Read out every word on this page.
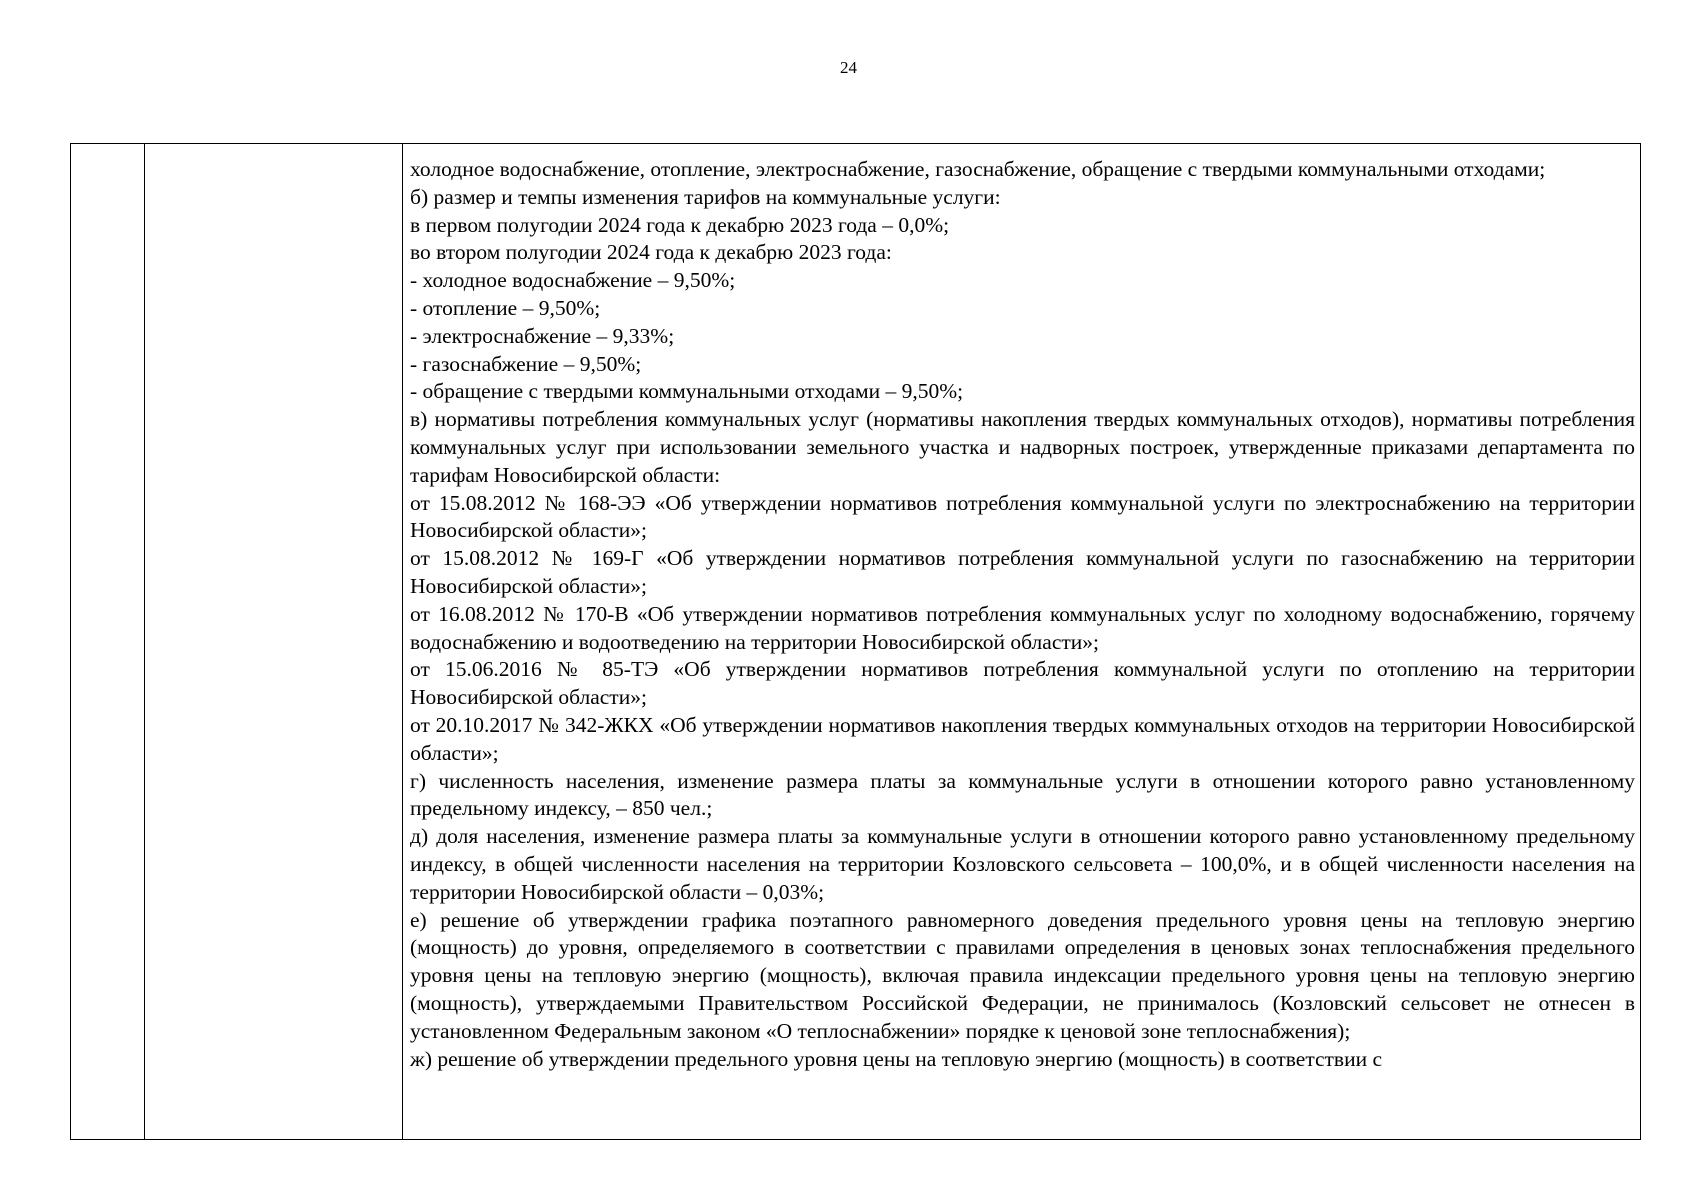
24

холодное водоснабжение, отопление, электроснабжение, газоснабжение, обращение с твердыми коммунальными отходами;

б) размер и темпы изменения тарифов на коммунальные услуги:

в первом полугодии 2024 года к декабрю 2023 года – 0,0%;

во втором полугодии 2024 года к декабрю 2023 года:

- холодное водоснабжение – 9,50%;

- отопление – 9,50%;

- электроснабжение – 9,33%;

- газоснабжение – 9,50%;

- обращение с твердыми коммунальными отходами – 9,50%;

в) нормативы потребления коммунальных услуг (нормативы накопления твердых коммунальных отходов), нормативы потребления коммунальных услуг при использовании земельного участка и надворных построек, утвержденные приказами департамента по тарифам Новосибирской области:

от 15.08.2012 № 168-ЭЭ «Об утверждении нормативов потребления коммунальной услуги по электроснабжению на территории Новосибирской области»;

от 15.08.2012 № 169-Г «Об утверждении нормативов потребления коммунальной услуги по газоснабжению на территории Новосибирской области»;

от 16.08.2012 № 170-В «Об утверждении нормативов потребления коммунальных услуг по холодному водоснабжению, горячему водоснабжению и водоотведению на территории Новосибирской области»;

от 15.06.2016 № 85-ТЭ «Об утверждении нормативов потребления коммунальной услуги по отоплению на территории Новосибирской области»;

от 20.10.2017 № 342-ЖКХ «Об утверждении нормативов накопления твердых коммунальных отходов на территории Новосибирской области»;

г) численность населения, изменение размера платы за коммунальные услуги в отношении которого равно установленному предельному индексу, – 850 чел.;

д) доля населения, изменение размера платы за коммунальные услуги в отношении которого равно установленному предельному индексу, в общей численности населения на территории Козловского сельсовета – 100,0%, и в общей численности населения на территории Новосибирской области – 0,03%;

е) решение об утверждении графика поэтапного равномерного доведения предельного уровня цены на тепловую энергию (мощность) до уровня, определяемого в соответствии с правилами определения в ценовых зонах теплоснабжения предельного уровня цены на тепловую энергию (мощность), включая правила индексации предельного уровня цены на тепловую энергию (мощность), утверждаемыми Правительством Российской Федерации, не принималось (Козловский сельсовет не отнесен в установленном Федеральным законом «О теплоснабжении» порядке к ценовой зоне теплоснабжения);

ж) решение об утверждении предельного уровня цены на тепловую энергию (мощность) в соответствии с
